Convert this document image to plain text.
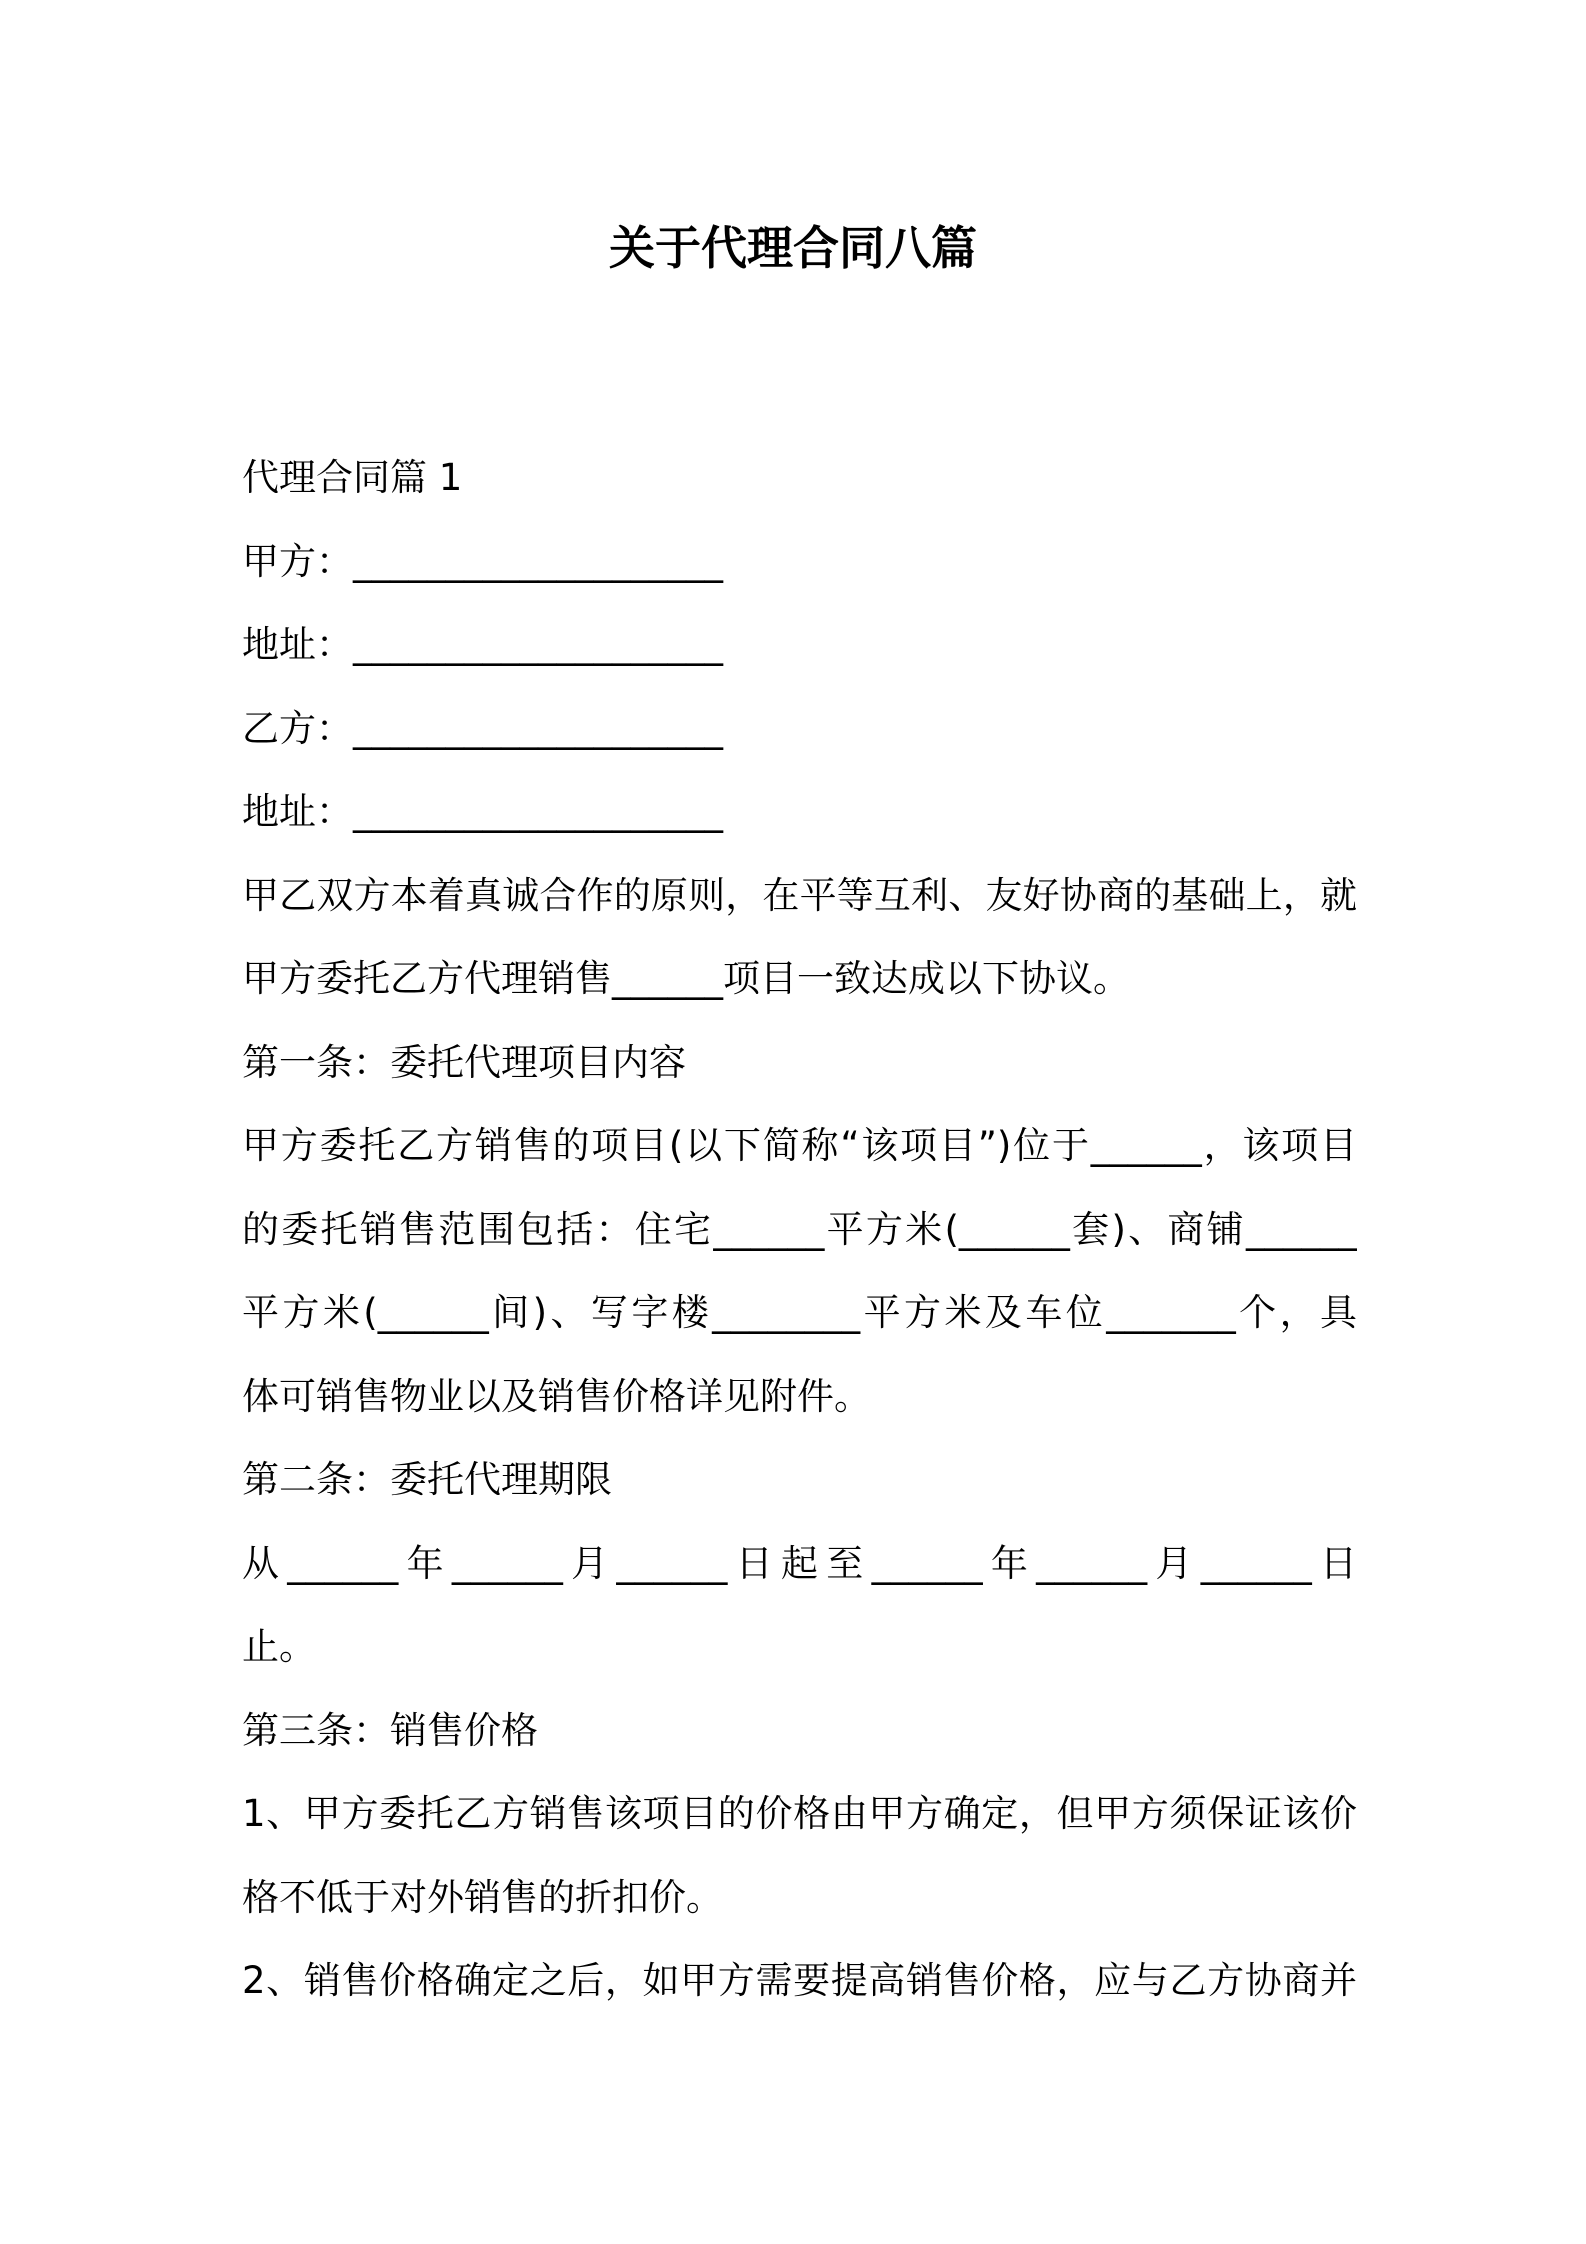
关于代理合同八篇
代理合同篇 1
甲方：____________________
地址：____________________
乙方：____________________
地址：____________________
甲乙双方本着真诚合作的原则，在平等互利、友好协商的基础上，就
甲方委托乙方代理销售______项目一致达成以下协议。
第一条：委托代理项目内容
甲方委托乙方销售的项目(以下简称“该项目”)位于______，该项目
的委托销售范围包括：住宅______平方米(______套)、商铺______
平方米(______间)、写字楼________平方米及车位_______个，具
体可销售物业以及销售价格详见附件。
第二条：委托代理期限
从______年______月______日起至______年______月______日
止。
第三条：销售价格
1、甲方委托乙方销售该项目的价格由甲方确定，但甲方须保证该价
格不低于对外销售的折扣价。
2、销售价格确定之后，如甲方需要提高销售价格，应与乙方协商并
